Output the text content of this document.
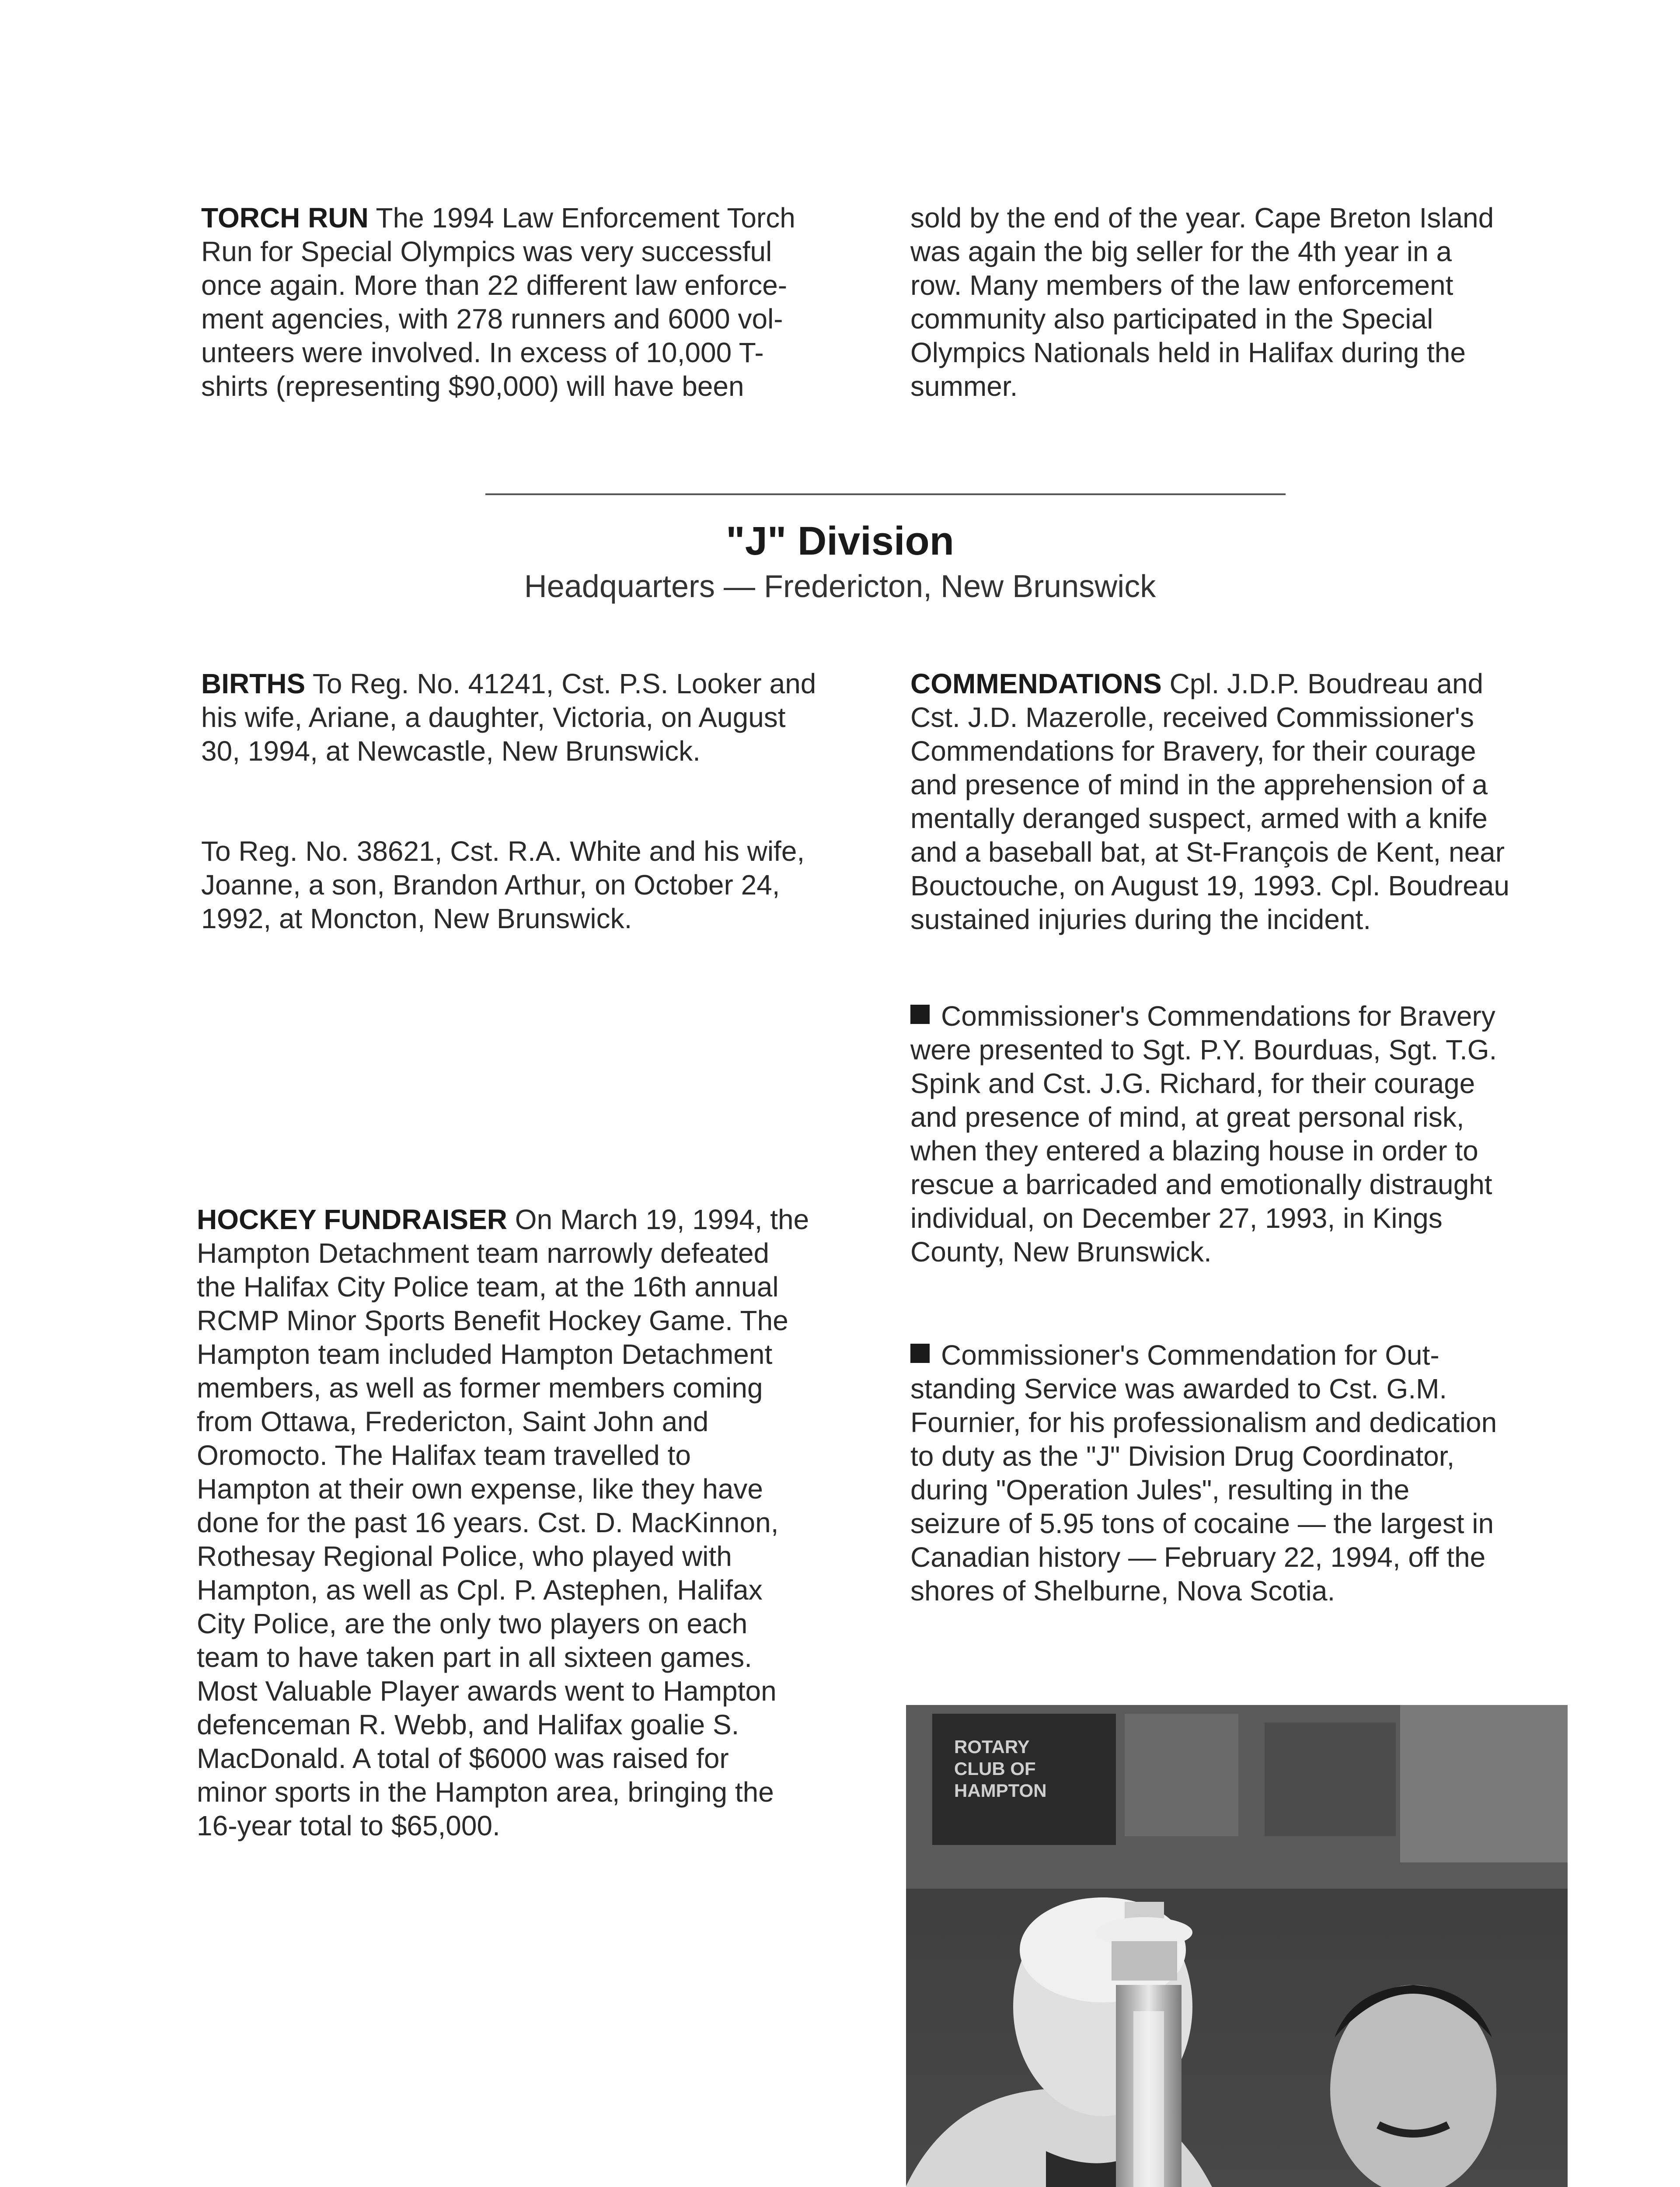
TORCH RUN The 1994 Law Enforcement Torch
Run for Special Olympics was very successful
once again. More than 22 different law enforce-
ment agencies, with 278 runners and 6000 vol-
unteers were involved. In excess of 10,000 T-
shirts (representing $90,000) will have been
sold by the end of the year. Cape Breton Island
was again the big seller for the 4th year in a
row. Many members of the law enforcement
community also participated in the Special
Olympics Nationals held in Halifax during the
summer.
"J" Division
Headquarters — Fredericton, New Brunswick
BIRTHS To Reg. No. 41241, Cst. P.S. Looker and
his wife, Ariane, a daughter, Victoria, on August
30, 1994, at Newcastle, New Brunswick.
To Reg. No. 38621, Cst. R.A. White and his wife,
Joanne, a son, Brandon Arthur, on October 24,
1992, at Moncton, New Brunswick.
COMMENDATIONS Cpl. J.D.P. Boudreau and
Cst. J.D. Mazerolle, received Commissioner's
Commendations for Bravery, for their courage
and presence of mind in the apprehension of a
mentally deranged suspect, armed with a knife
and a baseball bat, at St-François de Kent, near
Bouctouche, on August 19, 1993. Cpl. Boudreau
sustained injuries during the incident.
Commissioner's Commendations for Bravery
were presented to Sgt. P.Y. Bourduas, Sgt. T.G.
Spink and Cst. J.G. Richard, for their courage
and presence of mind, at great personal risk,
when they entered a blazing house in order to
rescue a barricaded and emotionally distraught
individual, on December 27, 1993, in Kings
County, New Brunswick.
Commissioner's Commendation for Out-
standing Service was awarded to Cst. G.M.
Fournier, for his professionalism and dedication
to duty as the "J" Division Drug Coordinator,
during "Operation Jules", resulting in the
seizure of 5.95 tons of cocaine — the largest in
Canadian history — February 22, 1994, off the
shores of Shelburne, Nova Scotia.
HOCKEY FUNDRAISER On March 19, 1994, the
Hampton Detachment team narrowly defeated
the Halifax City Police team, at the 16th annual
RCMP Minor Sports Benefit Hockey Game. The
Hampton team included Hampton Detachment
members, as well as former members coming
from Ottawa, Fredericton, Saint John and
Oromocto. The Halifax team travelled to
Hampton at their own expense, like they have
done for the past 16 years. Cst. D. MacKinnon,
Rothesay Regional Police, who played with
Hampton, as well as Cpl. P. Astephen, Halifax
City Police, are the only two players on each
team to have taken part in all sixteen games.
Most Valuable Player awards went to Hampton
defenceman R. Webb, and Halifax goalie S.
MacDonald. A total of $6000 was raised for
minor sports in the Hampton area, bringing the
16-year total to $65,000.
ROTARY
CLUB OF
HAMPTON
